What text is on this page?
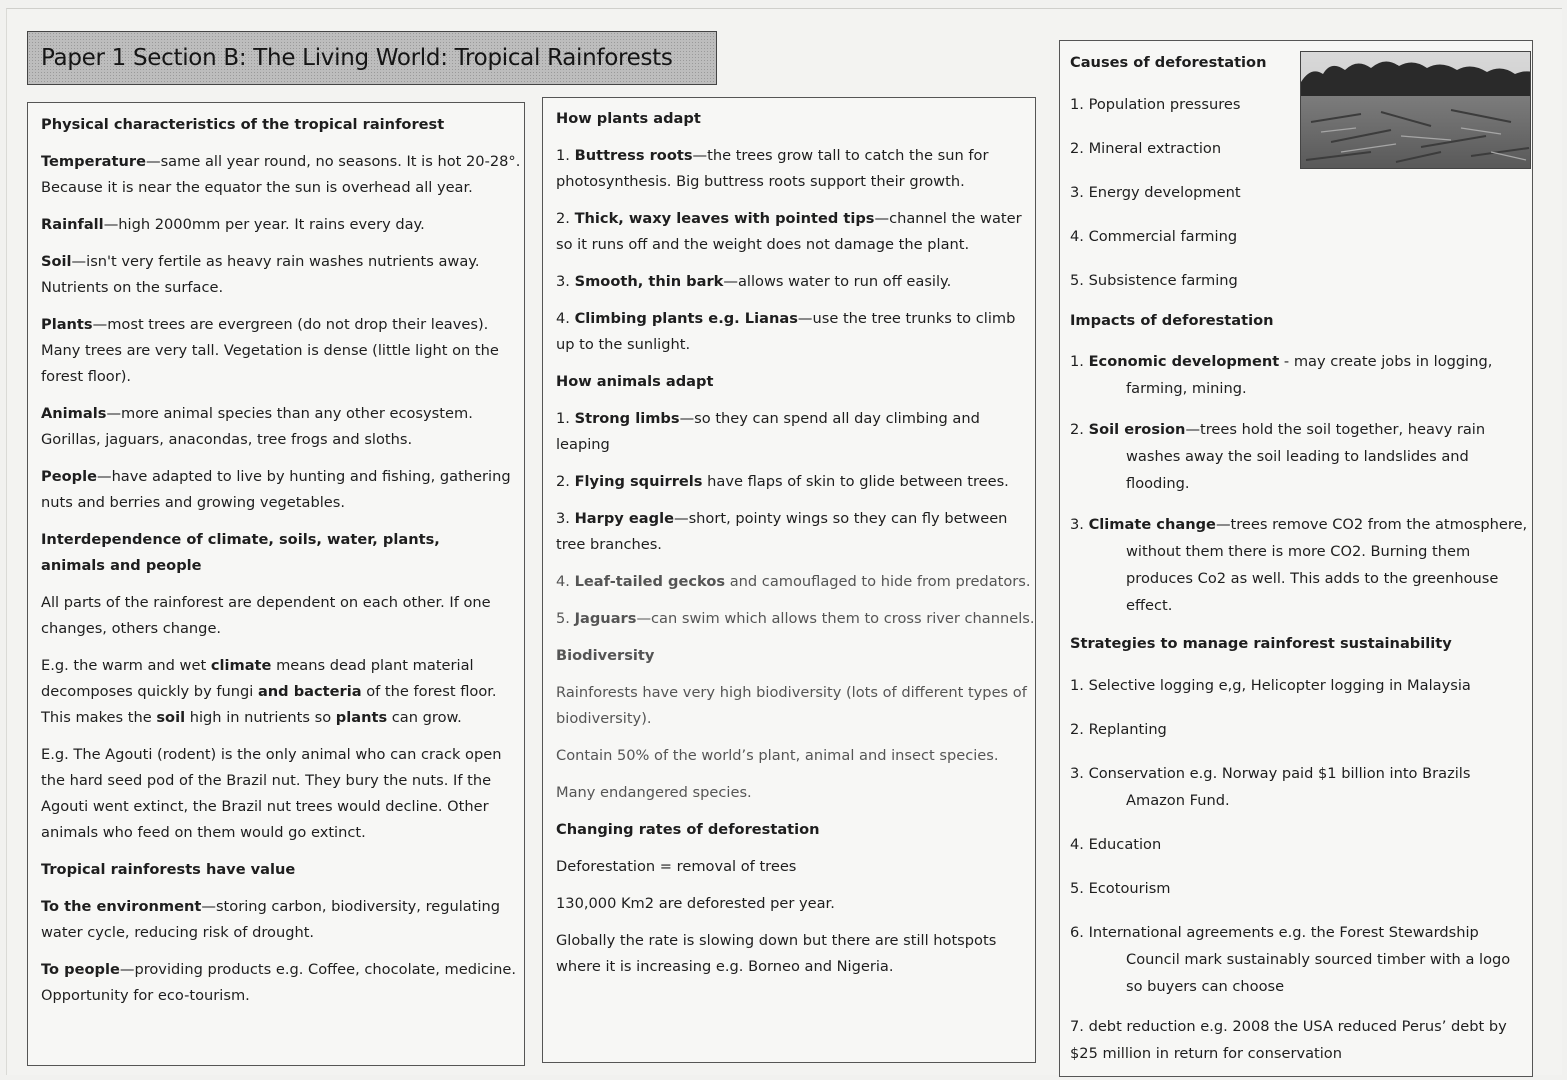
Paper 1 Section B: The Living World: Tropical Rainforests

Physical characteristics of the tropical rainforest

Temperature—same all year round, no seasons. It is hot 20-28°. Because it is near the equator the sun is overhead all year.

Rainfall—high 2000mm per year. It rains every day.

Soil—isn't very fertile as heavy rain washes nutrients away. Nutrients on the surface.

Plants—most trees are evergreen (do not drop their leaves). Many trees are very tall. Vegetation is dense (little light on the forest floor).

Animals—more animal species than any other ecosystem. Gorillas, jaguars, anacondas, tree frogs and sloths.

People—have adapted to live by hunting and fishing, gathering nuts and berries and growing vegetables.

Interdependence of climate, soils, water, plants, animals and people

All parts of the rainforest are dependent on each other. If one changes, others change.

E.g. the warm and wet climate means dead plant material decomposes quickly by fungi and bacteria of the forest floor. This makes the soil high in nutrients so plants can grow.

E.g. The Agouti (rodent) is the only animal who can crack open the hard seed pod of the Brazil nut. They bury the nuts. If the Agouti went extinct, the Brazil nut trees would decline. Other animals who feed on them would go extinct.

Tropical rainforests have value

To the environment—storing carbon, biodiversity, regulating water cycle, reducing risk of drought.

To people—providing products e.g. Coffee, chocolate, medicine. Opportunity for eco-tourism.

How plants adapt

1. Buttress roots—the trees grow tall to catch the sun for photosynthesis. Big buttress roots support their growth.

2. Thick, waxy leaves with pointed tips—channel the water so it runs off and the weight does not damage the plant.

3. Smooth, thin bark—allows water to run off easily.

4. Climbing plants e.g. Lianas—use the tree trunks to climb up to the sunlight.

How animals adapt

1. Strong limbs—so they can spend all day climbing and leaping

2. Flying squirrels have flaps of skin to glide between trees.

3. Harpy eagle—short, pointy wings so they can fly between tree branches.

4. Leaf-tailed geckos and camouflaged to hide from predators.

5. Jaguars—can swim which allows them to cross river channels.

Biodiversity

Rainforests have very high biodiversity (lots of different types of biodiversity).

Contain 50% of the world’s plant, animal and insect species.

Many endangered species.

Changing rates of deforestation

Deforestation = removal of trees

130,000 Km2 are deforested per year.

Globally the rate is slowing down but there are still hotspots where it is increasing e.g. Borneo and Nigeria.

Causes of deforestation

1. Population pressures

2. Mineral extraction

3. Energy development

4. Commercial farming

5. Subsistence farming

Impacts of deforestation

1. Economic development - may create jobs in logging,
farming, mining.

2. Soil erosion—trees hold the soil together, heavy rain
washes away the soil leading to landslides and
flooding.

3. Climate change—trees remove CO2 from the atmosphere,
without them there is more CO2. Burning them
produces Co2 as well. This adds to the greenhouse
effect.

Strategies to manage rainforest sustainability

1. Selective logging e,g, Helicopter logging in Malaysia

2. Replanting

3. Conservation e.g. Norway paid $1 billion into Brazils
Amazon Fund.

4. Education

5. Ecotourism

6. International agreements e.g. the Forest Stewardship
Council mark sustainably sourced timber with a logo
so buyers can choose

7. debt reduction e.g. 2008 the USA reduced Perus’ debt by $25 million in return for conservation
